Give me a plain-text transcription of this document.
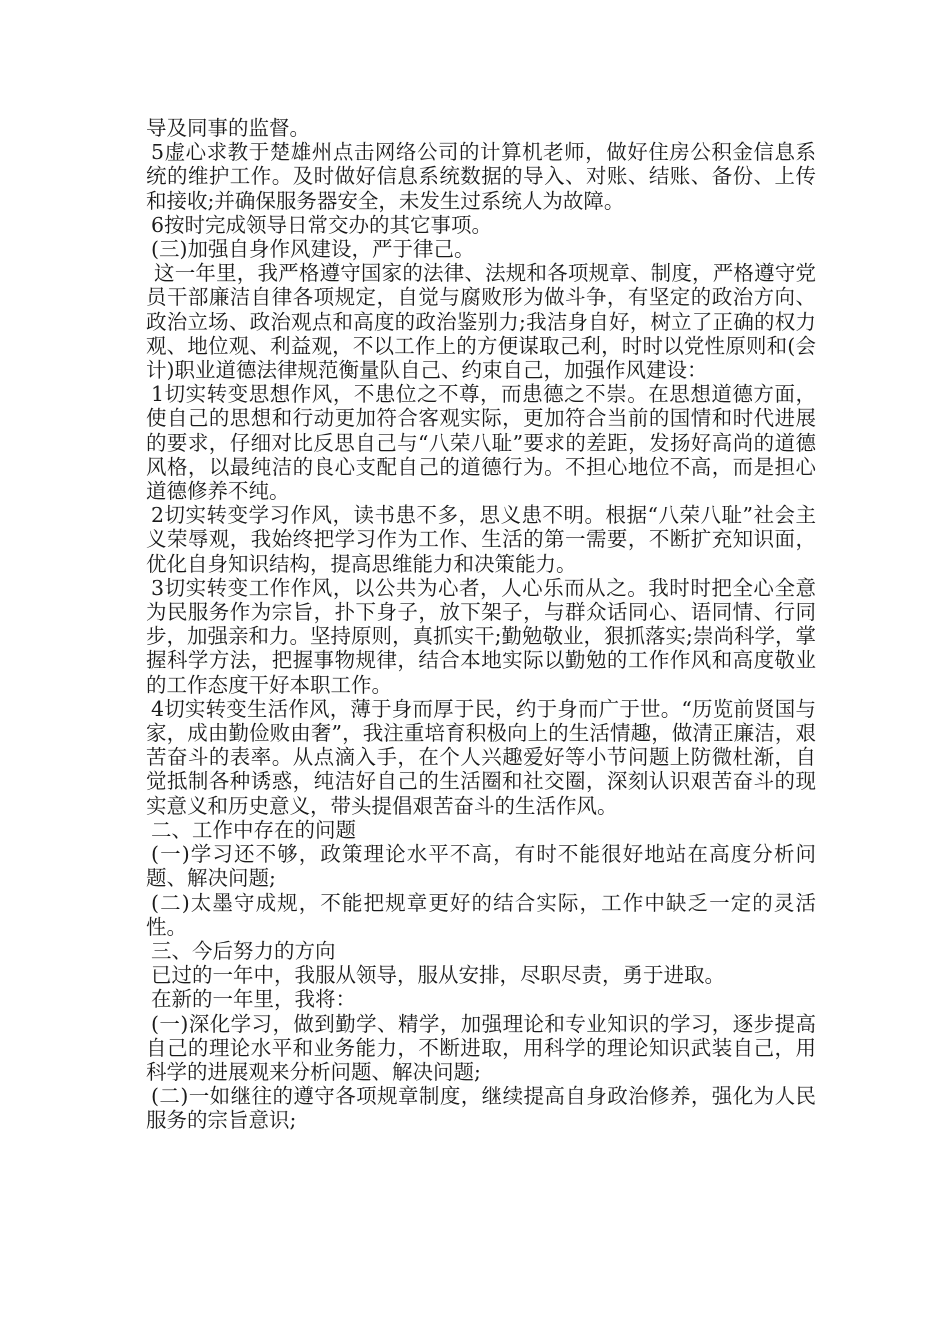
导及同事的监督。

5虚心求教于楚雄州点击网络公司的计算机老师，做好住房公积金信息系统的维护工作。及时做好信息系统数据的导入、对账、结账、备份、上传和接收;并确保服务器安全，未发生过系统人为故障。

6按时完成领导日常交办的其它事项。

(三)加强自身作风建设，严于律己。

这一年里，我严格遵守国家的法律、法规和各项规章、制度，严格遵守党员干部廉洁自律各项规定，自觉与腐败形为做斗争，有坚定的政治方向、政治立场、政治观点和高度的政治鉴别力;我洁身自好，树立了正确的权力观、地位观、利益观，不以工作上的方便谋取己利，时时以党性原则和(会计)职业道德法律规范衡量队自己、约束自己，加强作风建设：

1切实转变思想作风，不患位之不尊，而患德之不崇。在思想道德方面，使自己的思想和行动更加符合客观实际，更加符合当前的国情和时代进展的要求，仔细对比反思自己与“八荣八耻”要求的差距，发扬好高尚的道德风格，以最纯洁的良心支配自己的道德行为。不担心地位不高，而是担心道德修养不纯。

2切实转变学习作风，读书患不多，思义患不明。根据“八荣八耻”社会主义荣辱观，我始终把学习作为工作、生活的第一需要，不断扩充知识面，优化自身知识结构，提高思维能力和决策能力。

3切实转变工作作风，以公共为心者，人心乐而从之。我时时把全心全意为民服务作为宗旨，扑下身子，放下架子，与群众话同心、语同情、行同步，加强亲和力。坚持原则，真抓实干;勤勉敬业，狠抓落实;崇尚科学，掌握科学方法，把握事物规律，结合本地实际以勤勉的工作作风和高度敬业的工作态度干好本职工作。

4切实转变生活作风，薄于身而厚于民，约于身而广于世。“历览前贤国与家，成由勤俭败由奢”，我注重培育积极向上的生活情趣，做清正廉洁，艰苦奋斗的表率。从点滴入手，在个人兴趣爱好等小节问题上防微杜渐，自觉抵制各种诱惑，纯洁好自己的生活圈和社交圈，深刻认识艰苦奋斗的现实意义和历史意义，带头提倡艰苦奋斗的生活作风。

二、工作中存在的问题

(一)学习还不够，政策理论水平不高，有时不能很好地站在高度分析问题、解决问题;

(二)太墨守成规，不能把规章更好的结合实际，工作中缺乏一定的灵活性。

三、今后努力的方向

已过的一年中，我服从领导，服从安排，尽职尽责，勇于进取。

在新的一年里，我将：

(一)深化学习，做到勤学、精学，加强理论和专业知识的学习，逐步提高自己的理论水平和业务能力，不断进取，用科学的理论知识武装自己，用科学的进展观来分析问题、解决问题;

(二)一如继往的遵守各项规章制度，继续提高自身政治修养，强化为人民服务的宗旨意识;
